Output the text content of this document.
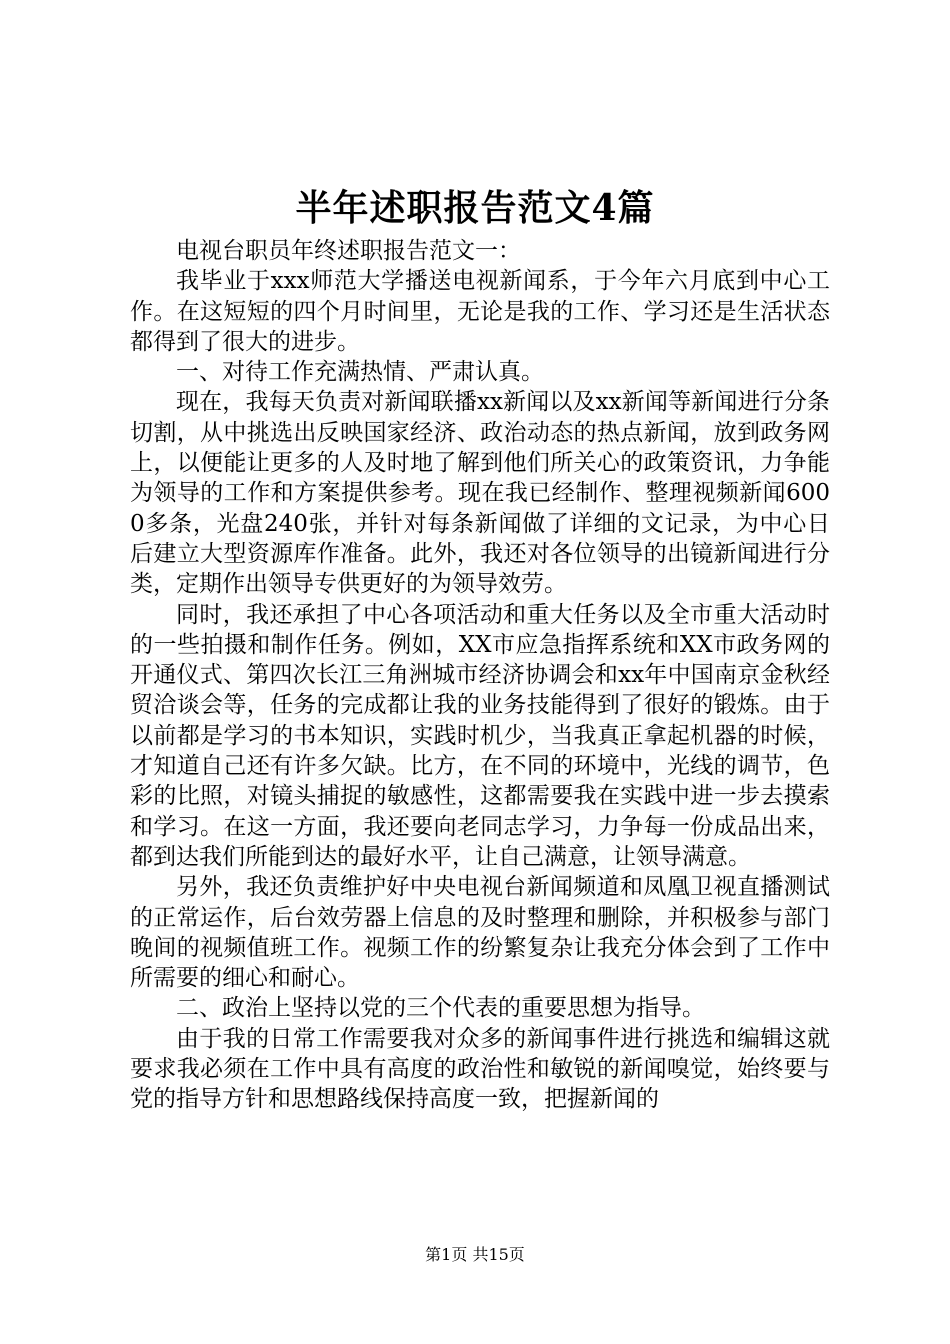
半年述职报告范文4篇

电视台职员年终述职报告范文一：

我毕业于xxx师范大学播送电视新闻系，于今年六月底到中心工作。在这短短的四个月时间里，无论是我的工作、学习还是生活状态都得到了很大的进步。

一、对待工作充满热情、严肃认真。

现在，我每天负责对新闻联播xx新闻以及xx新闻等新闻进行分条切割，从中挑选出反映国家经济、政治动态的热点新闻，放到政务网上，以便能让更多的人及时地了解到他们所关心的政策资讯，力争能为领导的工作和方案提供参考。现在我已经制作、整理视频新闻6000多条，光盘240张，并针对每条新闻做了详细的文记录，为中心日后建立大型资源库作准备。此外，我还对各位领导的出镜新闻进行分类，定期作出领导专供更好的为领导效劳。

同时，我还承担了中心各项活动和重大任务以及全市重大活动时的一些拍摄和制作任务。例如，XX市应急指挥系统和XX市政务网的开通仪式、第四次长江三角洲城市经济协调会和xx年中国南京金秋经贸洽谈会等，任务的完成都让我的业务技能得到了很好的锻炼。由于以前都是学习的书本知识，实践时机少，当我真正拿起机器的时候，才知道自己还有许多欠缺。比方，在不同的环境中，光线的调节，色彩的比照，对镜头捕捉的敏感性，这都需要我在实践中进一步去摸索和学习。在这一方面，我还要向老同志学习，力争每一份成品出来，都到达我们所能到达的最好水平，让自己满意，让领导满意。

另外，我还负责维护好中央电视台新闻频道和凤凰卫视直播测试的正常运作，后台效劳器上信息的及时整理和删除，并积极参与部门晚间的视频值班工作。视频工作的纷繁复杂让我充分体会到了工作中所需要的细心和耐心。

二、政治上坚持以党的三个代表的重要思想为指导。

由于我的日常工作需要我对众多的新闻事件进行挑选和编辑这就要求我必须在工作中具有高度的政治性和敏锐的新闻嗅觉，始终要与党的指导方针和思想路线保持高度一致，把握新闻的

第1页 共15页
